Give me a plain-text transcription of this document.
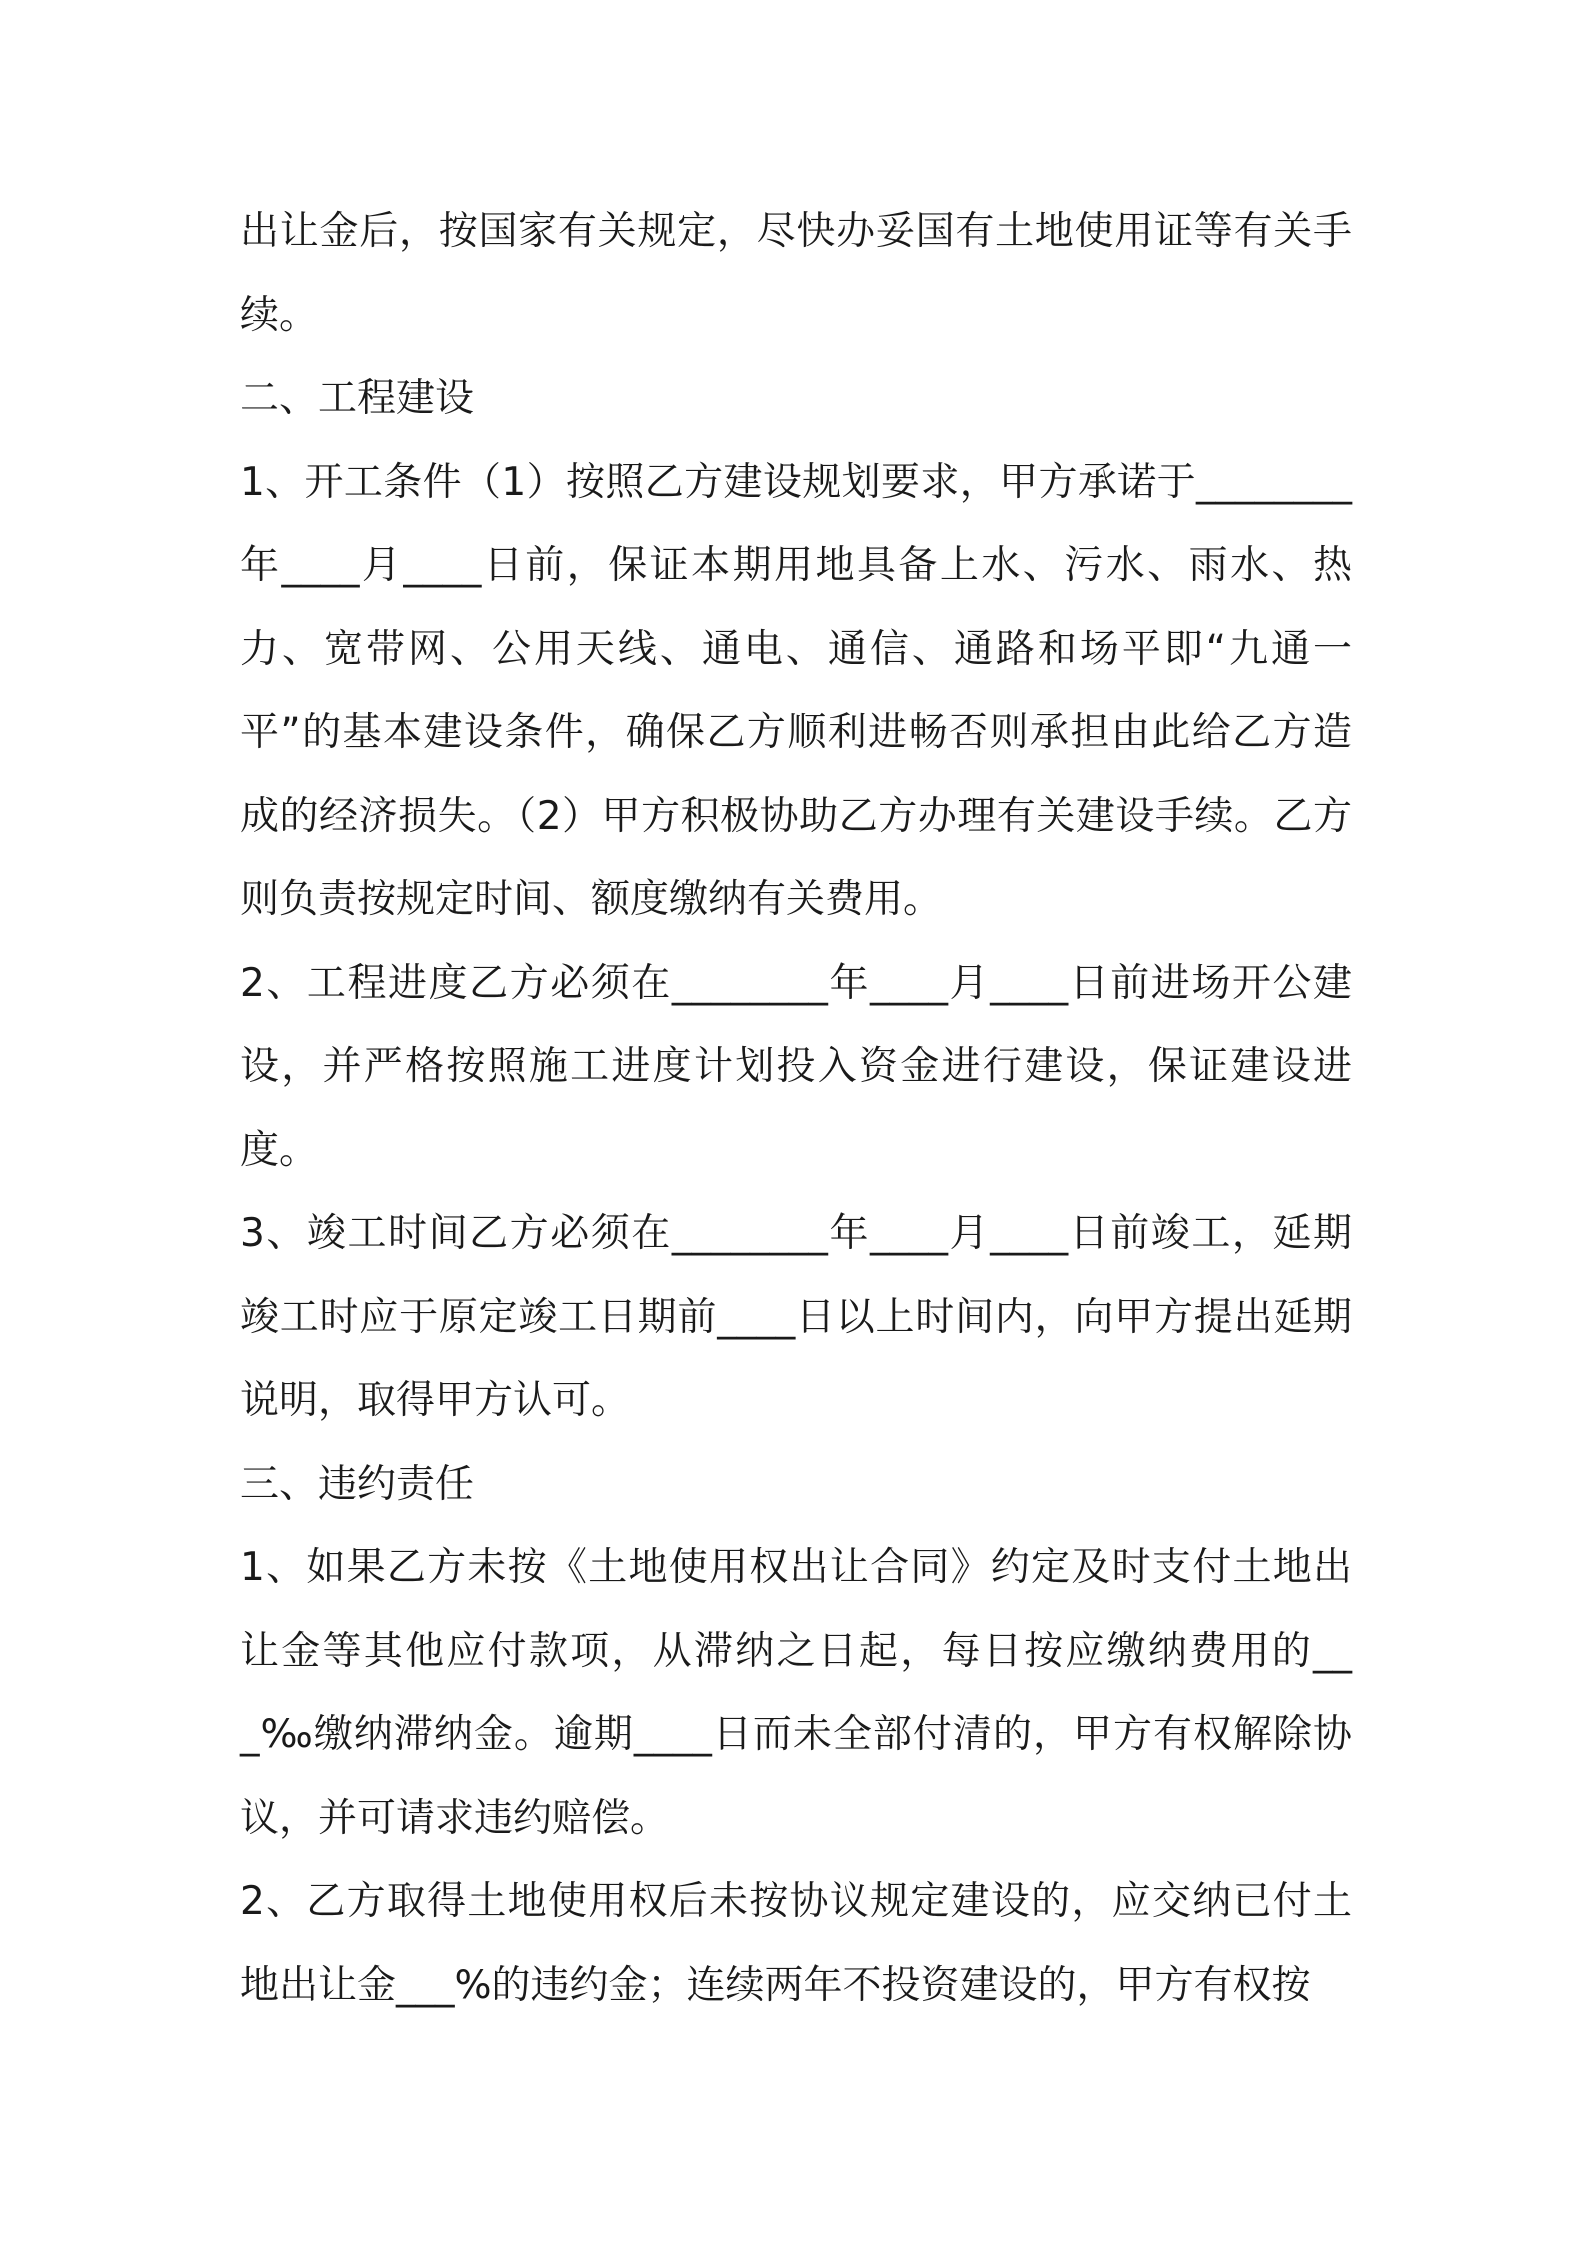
出让金后，按国家有关规定，尽快办妥国有土地使用证等有关手续。

二、工程建设

1、开工条件（1）按照乙方建设规划要求，甲方承诺于________年____月____日前，保证本期用地具备上水、污水、雨水、热力、宽带网、公用天线、通电、通信、通路和场平即“九通一平”的基本建设条件，确保乙方顺利进畅否则承担由此给乙方造成的经济损失。（2）甲方积极协助乙方办理有关建设手续。乙方则负责按规定时间、额度缴纳有关费用。

2、工程进度乙方必须在________年____月____日前进场开公建设，并严格按照施工进度计划投入资金进行建设，保证建设进度。

3、竣工时间乙方必须在________年____月____日前竣工，延期竣工时应于原定竣工日期前____日以上时间内，向甲方提出延期说明，取得甲方认可。

三、违约责任

1、如果乙方未按《土地使用权出让合同》约定及时支付土地出让金等其他应付款项，从滞纳之日起，每日按应缴纳费用的___‰缴纳滞纳金。逾期____日而未全部付清的，甲方有权解除协议，并可请求违约赔偿。

2、乙方取得土地使用权后未按协议规定建设的，应交纳已付土地出让金___%的违约金；连续两年不投资建设的，甲方有权按
